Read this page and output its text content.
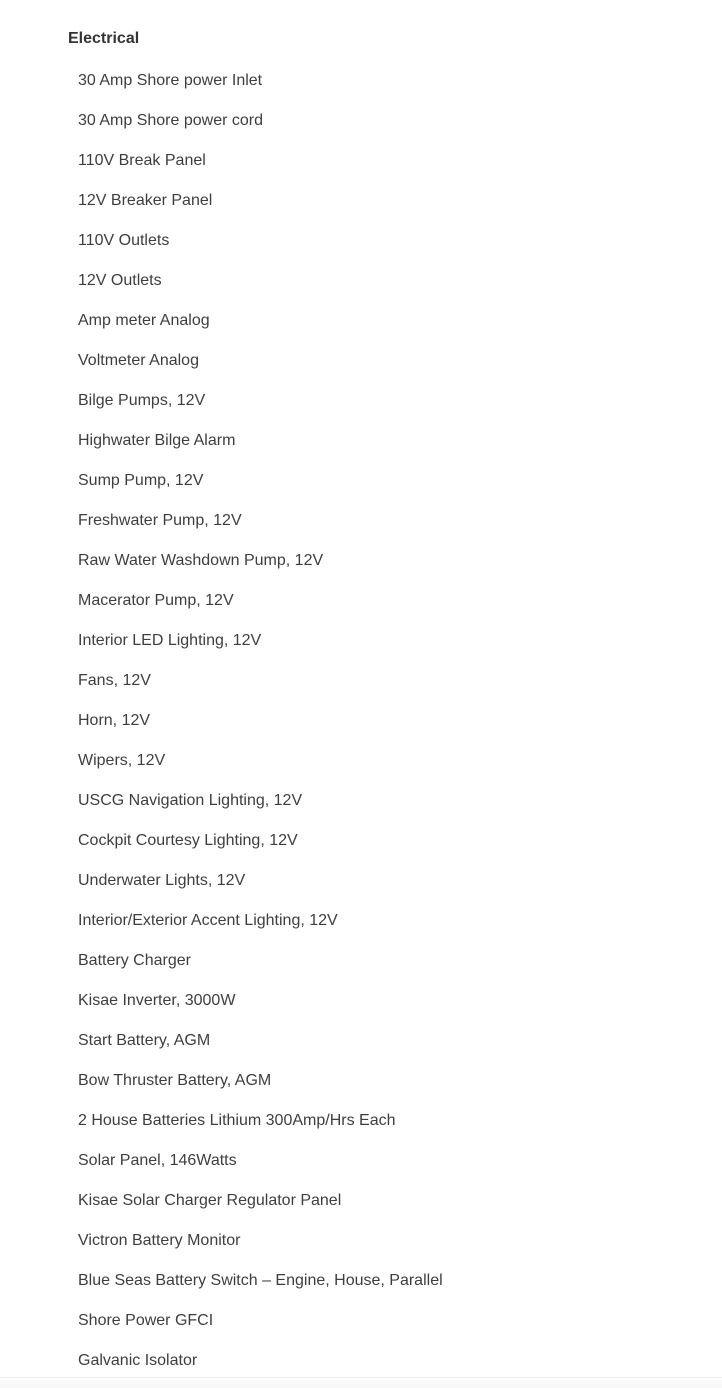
Electrical
30 Amp Shore power Inlet
30 Amp Shore power cord
110V Break Panel
12V Breaker Panel
110V Outlets
12V Outlets
Amp meter Analog
Voltmeter Analog
Bilge Pumps, 12V
Highwater Bilge Alarm
Sump Pump, 12V
Freshwater Pump, 12V
Raw Water Washdown Pump, 12V
Macerator Pump, 12V
Interior LED Lighting, 12V
Fans, 12V
Horn, 12V
Wipers, 12V
USCG Navigation Lighting, 12V
Cockpit Courtesy Lighting, 12V
Underwater Lights, 12V
Interior/Exterior Accent Lighting, 12V
Battery Charger
Kisae Inverter, 3000W
Start Battery, AGM
Bow Thruster Battery, AGM
2 House Batteries Lithium 300Amp/Hrs Each
Solar Panel, 146Watts
Kisae Solar Charger Regulator Panel
Victron Battery Monitor
Blue Seas Battery Switch – Engine, House, Parallel
Shore Power GFCI
Galvanic Isolator
